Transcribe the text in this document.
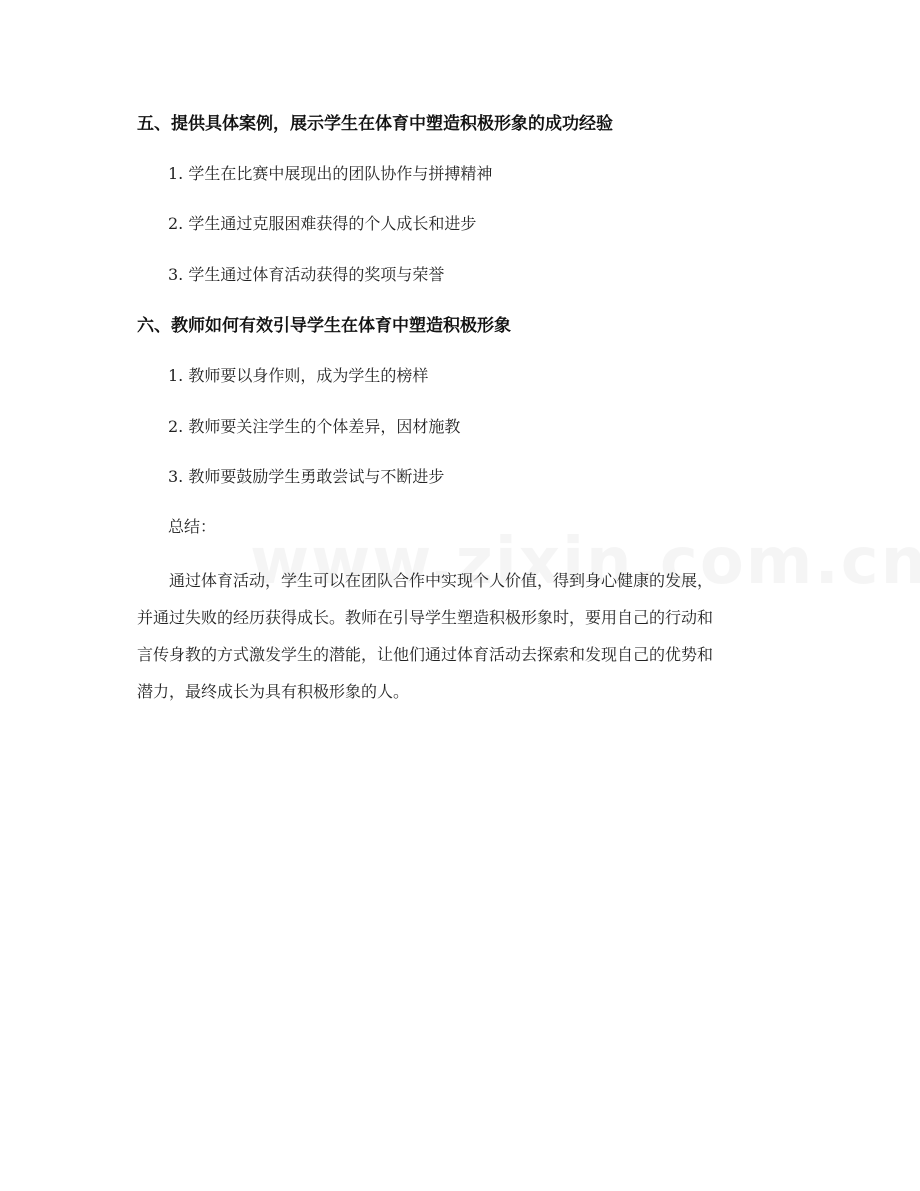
五、提供具体案例，展示学生在体育中塑造积极形象的成功经验
1. 学生在比赛中展现出的团队协作与拼搏精神
2. 学生通过克服困难获得的个人成长和进步
3. 学生通过体育活动获得的奖项与荣誉
六、教师如何有效引导学生在体育中塑造积极形象
1. 教师要以身作则，成为学生的榜样
2. 教师要关注学生的个体差异，因材施教
3. 教师要鼓励学生勇敢尝试与不断进步
总结：
通过体育活动，学生可以在团队合作中实现个人价值，得到身心健康的发展，
并通过失败的经历获得成长。教师在引导学生塑造积极形象时，要用自己的行动和
言传身教的方式激发学生的潜能，让他们通过体育活动去探索和发现自己的优势和
潜力，最终成长为具有积极形象的人。
